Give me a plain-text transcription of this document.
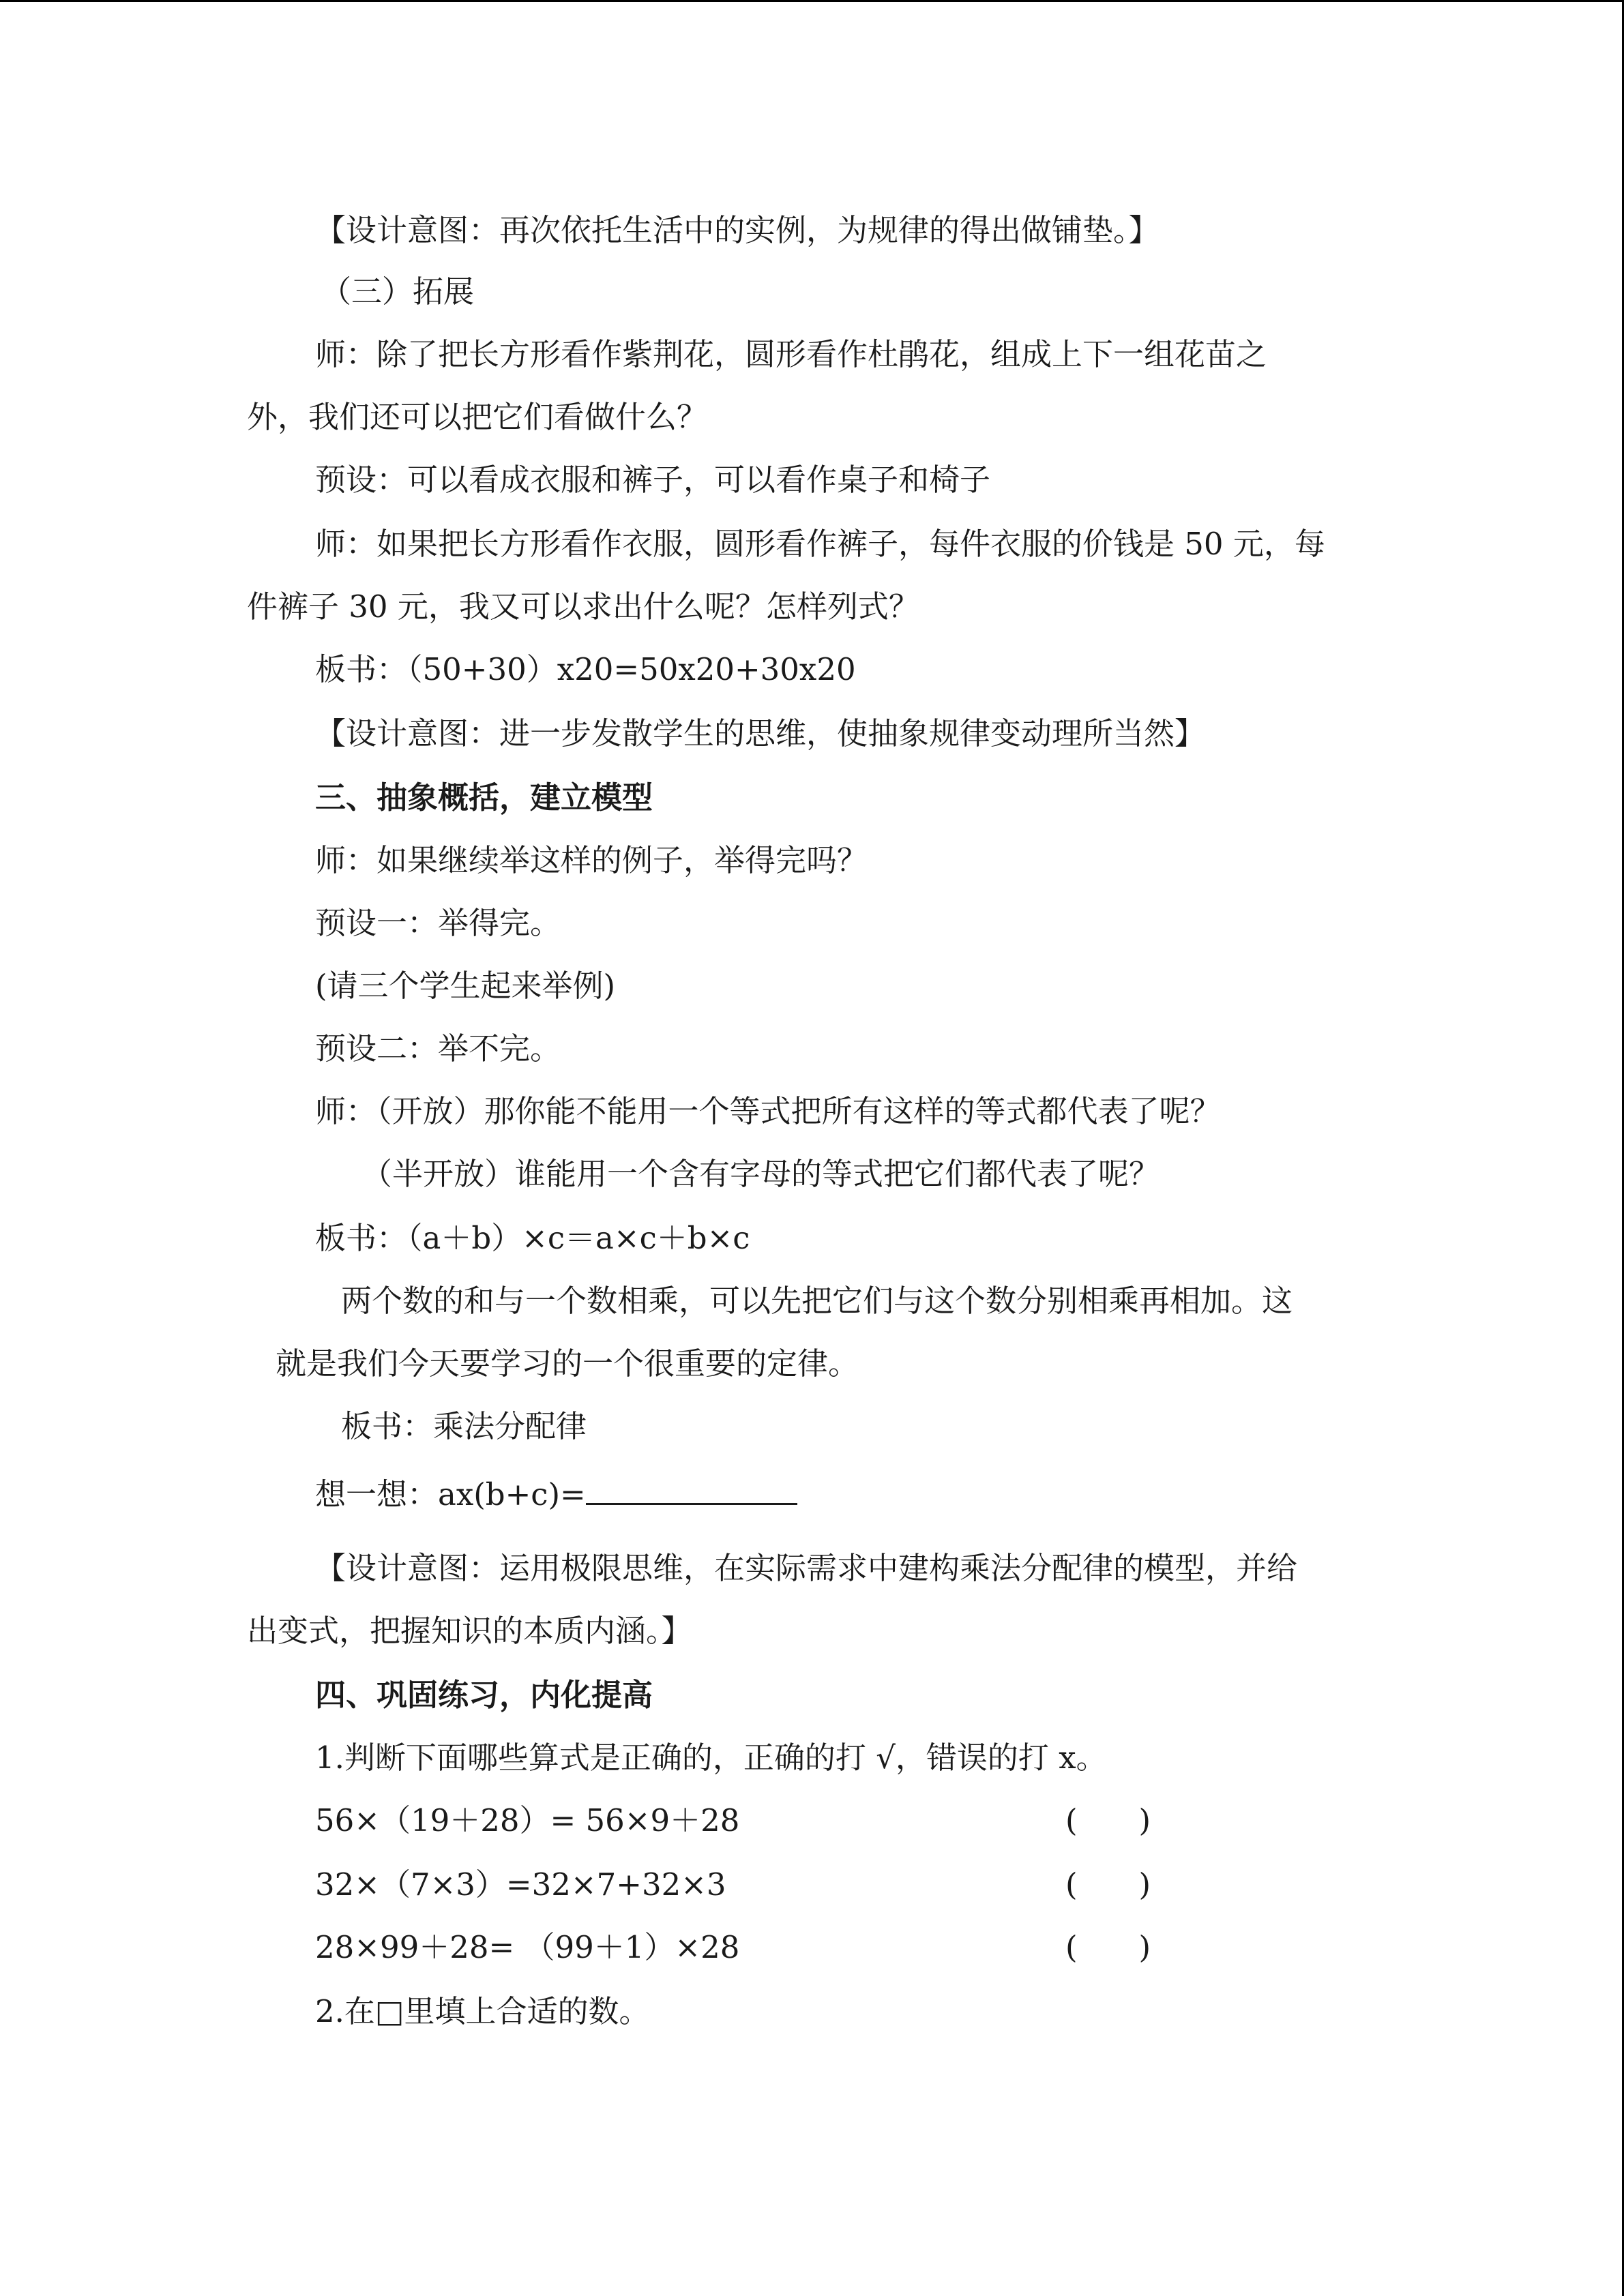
【设计意图：再次依托生活中的实例，为规律的得出做铺垫。】
（三）拓展
师：除了把长方形看作紫荆花，圆形看作杜鹃花，组成上下一组花苗之
外，我们还可以把它们看做什么？
预设：可以看成衣服和裤子，可以看作桌子和椅子
师：如果把长方形看作衣服，圆形看作裤子，每件衣服的价钱是 50 元，每
件裤子 30 元，我又可以求出什么呢？怎样列式？
板书：（50+30）x20=50x20+30x20
【设计意图：进一步发散学生的思维，使抽象规律变动理所当然】
三、抽象概括，建立模型
师：如果继续举这样的例子，举得完吗？
预设一：举得完。
(请三个学生起来举例)
预设二：举不完。
师：（开放）那你能不能用一个等式把所有这样的等式都代表了呢？
（半开放）谁能用一个含有字母的等式把它们都代表了呢？
板书：（a＋b）×c＝a×c＋b×c
两个数的和与一个数相乘，可以先把它们与这个数分别相乘再相加。这
就是我们今天要学习的一个很重要的定律。
板书：乘法分配律
想一想：ax(b+c)=
【设计意图：运用极限思维，在实际需求中建构乘法分配律的模型，并给
出变式，把握知识的本质内涵。】
四、巩固练习，内化提高
1.判断下面哪些算式是正确的，正确的打 √，错误的打 x。
56×（19＋28）= 56×9＋28	(　　)
32×（7×3）=32×7+32×3	(　　)
28×99＋28= （99＋1）×28	(　　)
2.在□里填上合适的数。
